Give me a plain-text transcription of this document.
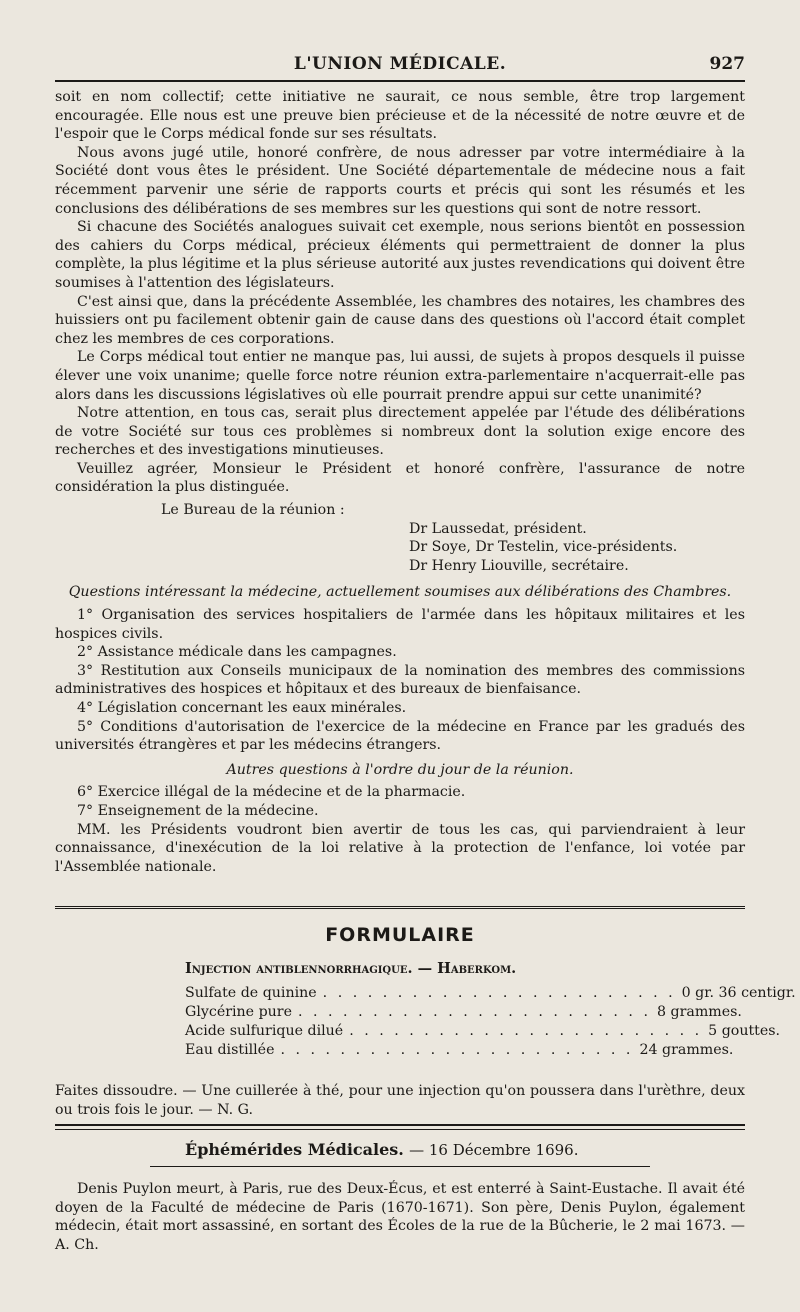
L'UNION MÉDICALE.	927

soit en nom collectif; cette initiative ne saurait, ce nous semble, être trop largement encouragée. Elle nous est une preuve bien précieuse et de la nécessité de notre œuvre et de l'espoir que le Corps médical fonde sur ses résultats.

Nous avons jugé utile, honoré confrère, de nous adresser par votre intermédiaire à la Société dont vous êtes le président. Une Société départementale de médecine nous a fait récemment parvenir une série de rapports courts et précis qui sont les résumés et les conclusions des délibérations de ses membres sur les questions qui sont de notre ressort.

Si chacune des Sociétés analogues suivait cet exemple, nous serions bientôt en possession des cahiers du Corps médical, précieux éléments qui permettraient de donner la plus complète, la plus légitime et la plus sérieuse autorité aux justes revendications qui doivent être soumises à l'attention des législateurs.

C'est ainsi que, dans la précédente Assemblée, les chambres des notaires, les chambres des huissiers ont pu facilement obtenir gain de cause dans des questions où l'accord était complet chez les membres de ces corporations.

Le Corps médical tout entier ne manque pas, lui aussi, de sujets à propos desquels il puisse élever une voix unanime; quelle force notre réunion extra-parlementaire n'acquerrait-elle pas alors dans les discussions législatives où elle pourrait prendre appui sur cette unanimité?

Notre attention, en tous cas, serait plus directement appelée par l'étude des délibérations de votre Société sur tous ces problèmes si nombreux dont la solution exige encore des recherches et des investigations minutieuses.

Veuillez agréer, Monsieur le Président et honoré confrère, l'assurance de notre considération la plus distinguée.

Le Bureau de la réunion :

Dr Laussedat, président.

Dr Soye, Dr Testelin, vice-présidents.

Dr Henry Liouville, secrétaire.

Questions intéressant la médecine, actuellement soumises aux délibérations des Chambres.

1° Organisation des services hospitaliers de l'armée dans les hôpitaux militaires et les hospices civils.

2° Assistance médicale dans les campagnes.

3° Restitution aux Conseils municipaux de la nomination des membres des commissions administratives des hospices et hôpitaux et des bureaux de bienfaisance.

4° Législation concernant les eaux minérales.

5° Conditions d'autorisation de l'exercice de la médecine en France par les gradués des universités étrangères et par les médecins étrangers.

Autres questions à l'ordre du jour de la réunion.

6° Exercice illégal de la médecine et de la pharmacie.

7° Enseignement de la médecine.

MM. les Présidents voudront bien avertir de tous les cas, qui parviendraient à leur connaissance, d'inexécution de la loi relative à la protection de l'enfance, loi votée par l'Assemblée nationale.

FORMULAIRE
Injection antiblennorrhagique. — Haberkom.
Sulfate de quinine . . . . . . . . . . . . . . . . . . . . . . . . 0 gr. 36 centigr.
Glycérine pure . . . . . . . . . . . . . . . . . . . . . . . . 8 grammes.
Acide sulfurique dilué . . . . . . . . . . . . . . . . . . . . . . . . 5 gouttes.
Eau distillée . . . . . . . . . . . . . . . . . . . . . . . . 24 grammes.

Faites dissoudre. — Une cuillerée à thé, pour une injection qu'on poussera dans l'urèthre, deux ou trois fois le jour. — N. G.

Éphémérides Médicales. — 16 Décembre 1696.

Denis Puylon meurt, à Paris, rue des Deux-Écus, et est enterré à Saint-Eustache. Il avait été doyen de la Faculté de médecine de Paris (1670-1671). Son père, Denis Puylon, également médecin, était mort assassiné, en sortant des Écoles de la rue de la Bûcherie, le 2 mai 1673. — A. Ch.
